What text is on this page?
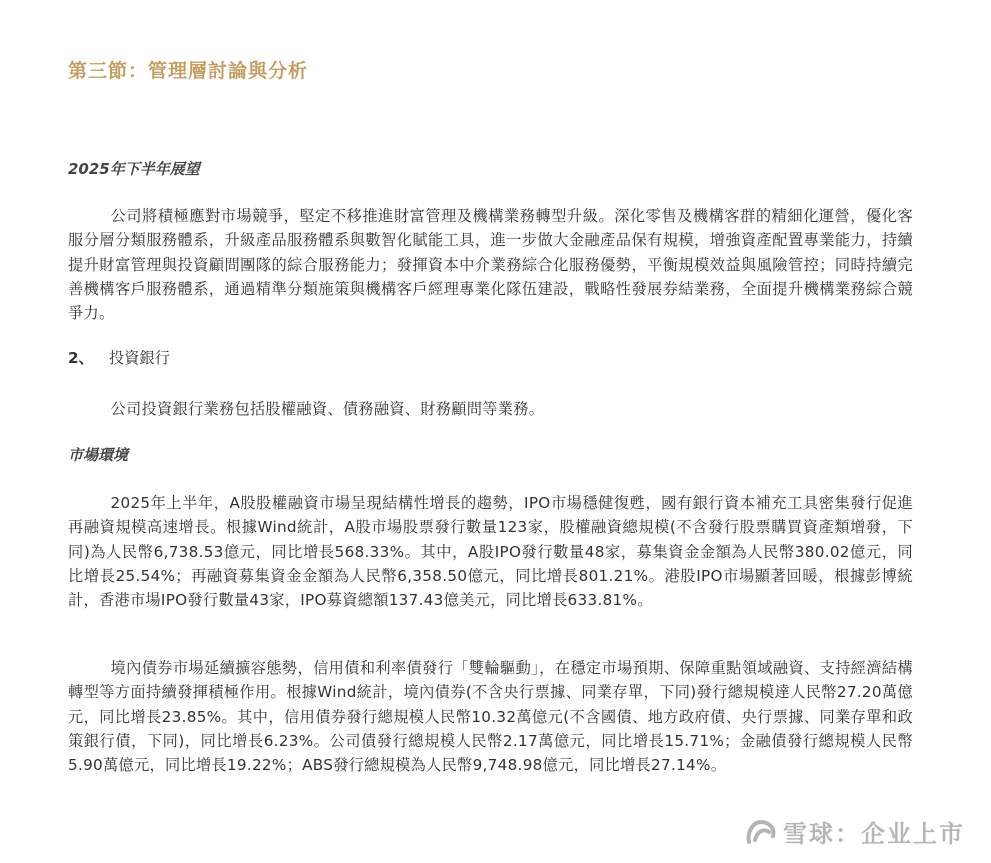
第三節：管理層討論與分析
2025年下半年展望

公司將積極應對市場競爭，堅定不移推進財富管理及機構業務轉型升級。深化零售及機構客群的精細化運營，優化客服分層分類服務體系，升級產品服務體系與數智化賦能工具，進一步做大金融產品保有規模，增強資產配置專業能力，持續提升財富管理與投資顧問團隊的綜合服務能力；發揮資本中介業務綜合化服務優勢，平衡規模效益與風險管控；同時持續完善機構客戶服務體系，通過精準分類施策與機構客戶經理專業化隊伍建設，戰略性發展券結業務，全面提升機構業務綜合競爭力。

2、	投資銀行

公司投資銀行業務包括股權融資、債務融資、財務顧問等業務。

市場環境

2025年上半年，A股股權融資市場呈現結構性增長的趨勢，IPO市場穩健復甦，國有銀行資本補充工具密集發行促進再融資規模高速增長。根據Wind統計，A股市場股票發行數量123家，股權融資總規模(不含發行股票購買資產類增發，下同)為人民幣6,738.53億元，同比增長568.33%。其中，A股IPO發行數量48家，募集資金金額為人民幣380.02億元，同比增長25.54%；再融資募集資金金額為人民幣6,358.50億元，同比增長801.21%。港股IPO市場顯著回暖，根據彭博統計，香港市場IPO發行數量43家，IPO募資總額137.43億美元，同比增長633.81%。

境內債券市場延續擴容態勢，信用債和利率債發行「雙輪驅動」，在穩定市場預期、保障重點領域融資、支持經濟結構轉型等方面持續發揮積極作用。根據Wind統計，境內債券(不含央行票據、同業存單，下同)發行總規模達人民幣27.20萬億元，同比增長23.85%。其中，信用債券發行總規模人民幣10.32萬億元(不含國債、地方政府債、央行票據、同業存單和政策銀行債，下同)，同比增長6.23%。公司債發行總規模人民幣2.17萬億元，同比增長15.71%；金融債發行總規模人民幣5.90萬億元，同比增長19.22%；ABS發行總規模為人民幣9,748.98億元，同比增長27.14%。

雪球：企业上市
